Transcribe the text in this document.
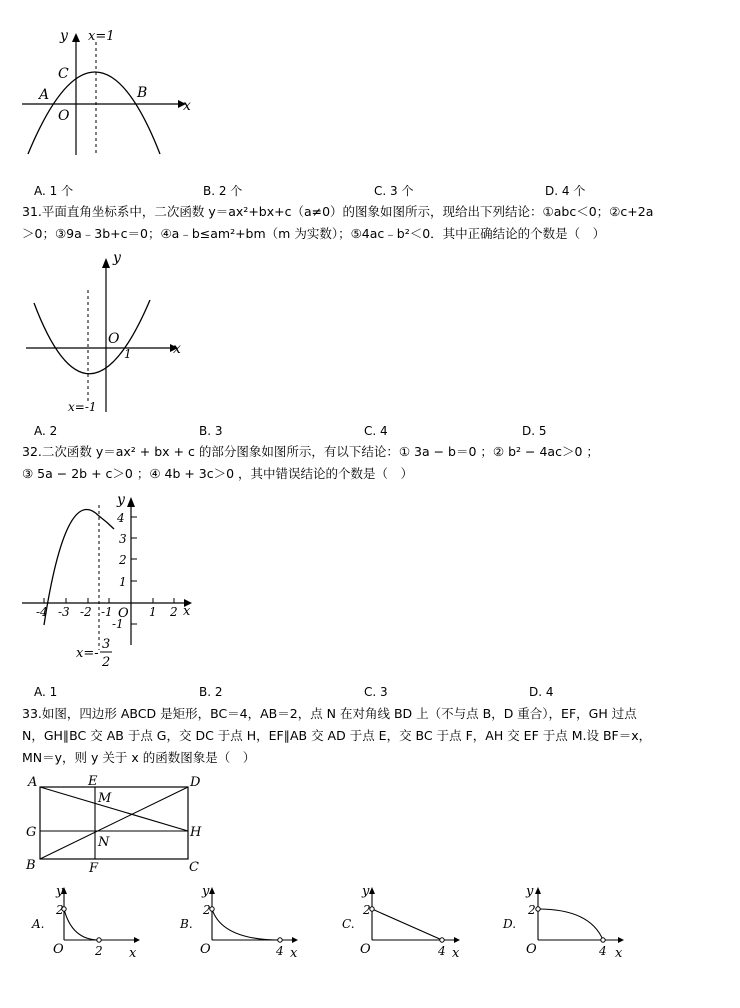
y x=1
x
A	B
C
O
A. 1 个	B. 2 个	C. 3 个	D. 4 个
31.平面直角坐标系中，二次函数 y＝ax²+bx+c（a≠0）的图象如图所示，现给出下列结论：①abc＜0；②c+2a
＞0；③9a﹣3b+c＝0；④a﹣b≤am²+bm（m 为实数）；⑤4ac﹣b²＜0．其中正确结论的个数是（　）
y
x
O
1
x=-1
A. 2	B. 3	C. 4	D. 5
32.二次函数 y＝ax² + bx + c 的部分图象如图所示，有以下结论：① 3a − b＝0 ；② b² − 4ac＞0 ；
③ 5a − 2b + c＞0 ；④ 4b + 3c＞0 ，其中错误结论的个数是（　）
y
x
O
4
3
2
1
-1
-4 -3 -2 -1	1 2
x=-
3
2
A. 1	B. 2	C. 3	D. 4
33.如图，四边形 ABCD 是矩形，BC＝4，AB＝2，点 N 在对角线 BD 上（不与点 B，D 重合），EF，GH 过点
N，GH∥BC 交 AB 于点 G，交 DC 于点 H，EF∥AB 交 AD 于点 E，交 BC 于点 F，AH 交 EF 于点 M.设 BF＝x，
MN＝y，则 y 关于 x 的函数图象是（　）
A	E	D
M
G
N
H
B	F	C
A.
y
2
O	2 x
B.
y
2
O	4 x
C.
y
2
O	4 x
D.
y
2
O	4 x
